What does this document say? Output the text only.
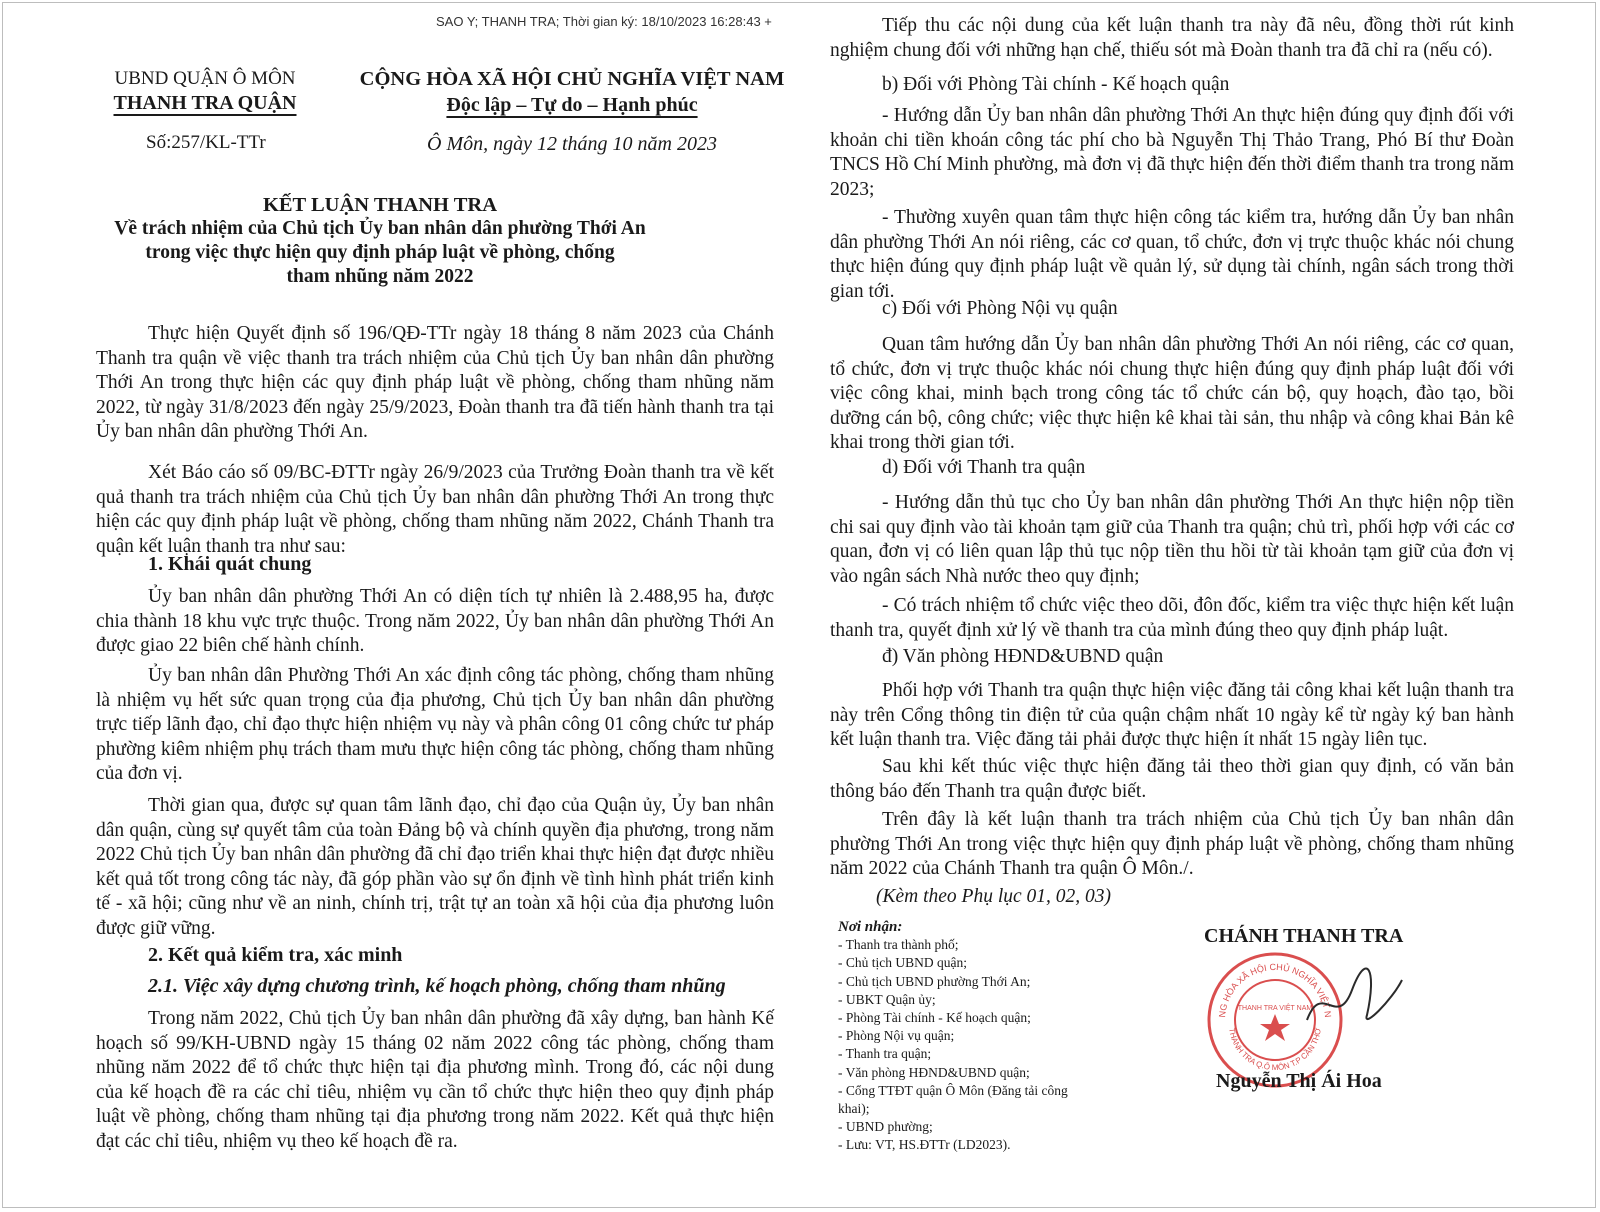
SAO Y; THANH TRA; Thời gian ký: 18/10/2023 16:28:43 +
UBND QUẬN Ô MÔN
THANH TRA QUẬN
Số:257/KL-TTr
CỘNG HÒA XÃ HỘI CHỦ NGHĨA VIỆT NAM
Độc lập – Tự do – Hạnh phúc
Ô Môn, ngày 12 tháng 10 năm 2023
KẾT LUẬN THANH TRA
Về trách nhiệm của Chủ tịch Ủy ban nhân dân phường Thới An
trong việc thực hiện quy định pháp luật về phòng, chống
tham nhũng năm 2022
Thực hiện Quyết định số 196/QĐ-TTr ngày 18 tháng 8 năm 2023 của Chánh Thanh tra quận về việc thanh tra trách nhiệm của Chủ tịch Ủy ban nhân dân phường Thới An trong thực hiện các quy định pháp luật về phòng, chống tham nhũng năm 2022, từ ngày 31/8/2023 đến ngày 25/9/2023, Đoàn thanh tra đã tiến hành thanh tra tại Ủy ban nhân dân phường Thới An.
Xét Báo cáo số 09/BC-ĐTTr ngày 26/9/2023 của Trưởng Đoàn thanh tra về kết quả thanh tra trách nhiệm của Chủ tịch Ủy ban nhân dân phường Thới An trong thực hiện các quy định pháp luật về phòng, chống tham nhũng năm 2022, Chánh Thanh tra quận kết luận thanh tra như sau:
1. Khái quát chung
Ủy ban nhân dân phường Thới An có diện tích tự nhiên là 2.488,95 ha, được chia thành 18 khu vực trực thuộc. Trong năm 2022, Ủy ban nhân dân phường Thới An được giao 22 biên chế hành chính.
Ủy ban nhân dân Phường Thới An xác định công tác phòng, chống tham nhũng là nhiệm vụ hết sức quan trọng của địa phương, Chủ tịch Ủy ban nhân dân phường trực tiếp lãnh đạo, chỉ đạo thực hiện nhiệm vụ này và phân công 01 công chức tư pháp phường kiêm nhiệm phụ trách tham mưu thực hiện công tác phòng, chống tham nhũng của đơn vị.
Thời gian qua, được sự quan tâm lãnh đạo, chỉ đạo của Quận ủy, Ủy ban nhân dân quận, cùng sự quyết tâm của toàn Đảng bộ và chính quyền địa phương, trong năm 2022 Chủ tịch Ủy ban nhân dân phường đã chỉ đạo triển khai thực hiện đạt được nhiều kết quả tốt trong công tác này, đã góp phần vào sự ổn định về tình hình phát triển kinh tế - xã hội; cũng như về an ninh, chính trị, trật tự an toàn xã hội của địa phương luôn được giữ vững.
2. Kết quả kiểm tra, xác minh
2.1. Việc xây dựng chương trình, kế hoạch phòng, chống tham nhũng
Trong năm 2022, Chủ tịch Ủy ban nhân dân phường đã xây dựng, ban hành Kế hoạch số 99/KH-UBND ngày 15 tháng 02 năm 2022 công tác phòng, chống tham nhũng năm 2022 để tổ chức thực hiện tại địa phương mình. Trong đó, các nội dung của kế hoạch đề ra các chỉ tiêu, nhiệm vụ cần tổ chức thực hiện theo quy định pháp luật về phòng, chống tham nhũng tại địa phương trong năm 2022. Kết quả thực hiện đạt các chỉ tiêu, nhiệm vụ theo kế hoạch đề ra.
Tiếp thu các nội dung của kết luận thanh tra này đã nêu, đồng thời rút kinh nghiệm chung đối với những hạn chế, thiếu sót mà Đoàn thanh tra đã chỉ ra (nếu có).
b) Đối với Phòng Tài chính - Kế hoạch quận
- Hướng dẫn Ủy ban nhân dân phường Thới An thực hiện đúng quy định đối với khoản chi tiền khoán công tác phí cho bà Nguyễn Thị Thảo Trang, Phó Bí thư Đoàn TNCS Hồ Chí Minh phường, mà đơn vị đã thực hiện đến thời điểm thanh tra trong năm 2023;
- Thường xuyên quan tâm thực hiện công tác kiểm tra, hướng dẫn Ủy ban nhân dân phường Thới An nói riêng, các cơ quan, tổ chức, đơn vị trực thuộc khác nói chung thực hiện đúng quy định pháp luật về quản lý, sử dụng tài chính, ngân sách trong thời gian tới.
c) Đối với Phòng Nội vụ quận
Quan tâm hướng dẫn Ủy ban nhân dân phường Thới An nói riêng, các cơ quan, tổ chức, đơn vị trực thuộc khác nói chung thực hiện đúng quy định pháp luật đối với việc công khai, minh bạch trong công tác tổ chức cán bộ, quy hoạch, đào tạo, bồi dưỡng cán bộ, công chức; việc thực hiện kê khai tài sản, thu nhập và công khai Bản kê khai trong thời gian tới.
d) Đối với Thanh tra quận
- Hướng dẫn thủ tục cho Ủy ban nhân dân phường Thới An thực hiện nộp tiền chi sai quy định vào tài khoản tạm giữ của Thanh tra quận; chủ trì, phối hợp với các cơ quan, đơn vị có liên quan lập thủ tục nộp tiền thu hồi từ tài khoản tạm giữ của đơn vị vào ngân sách Nhà nước theo quy định;
- Có trách nhiệm tổ chức việc theo dõi, đôn đốc, kiểm tra việc thực hiện kết luận thanh tra, quyết định xử lý về thanh tra của mình đúng theo quy định pháp luật.
đ) Văn phòng HĐND&UBND quận
Phối hợp với Thanh tra quận thực hiện việc đăng tải công khai kết luận thanh tra này trên Cổng thông tin điện tử của quận chậm nhất 10 ngày kể từ ngày ký ban hành kết luận thanh tra. Việc đăng tải phải được thực hiện ít nhất 15 ngày liên tục.
Sau khi kết thúc việc thực hiện đăng tải theo thời gian quy định, có văn bản thông báo đến Thanh tra quận được biết.
Trên đây là kết luận thanh tra trách nhiệm của Chủ tịch Ủy ban nhân dân phường Thới An trong việc thực hiện quy định pháp luật về phòng, chống tham nhũng năm 2022 của Chánh Thanh tra quận Ô Môn./.
(Kèm theo Phụ lục 01, 02, 03)
Nơi nhận:
- Thanh tra thành phố;
- Chủ tịch UBND quận;
- Chủ tịch UBND phường Thới An;
- UBKT Quận ủy;
- Phòng Tài chính - Kế hoạch quận;
- Phòng Nội vụ quận;
- Thanh tra quận;
- Văn phòng HĐND&UBND quận;
- Cổng TTĐT quận Ô Môn (Đăng tải công khai);
- UBND phường;
- Lưu: VT, HS.ĐTTr (LD2023).
CHÁNH THANH TRA
NG HÒA XÃ HỘI CHỦ NGHĨA VIỆT N
THANH TRA Q.Ô MÔN T.P CẦN THƠ
THANH TRA VIỆT NAM
Nguyễn Thị Ái Hoa
